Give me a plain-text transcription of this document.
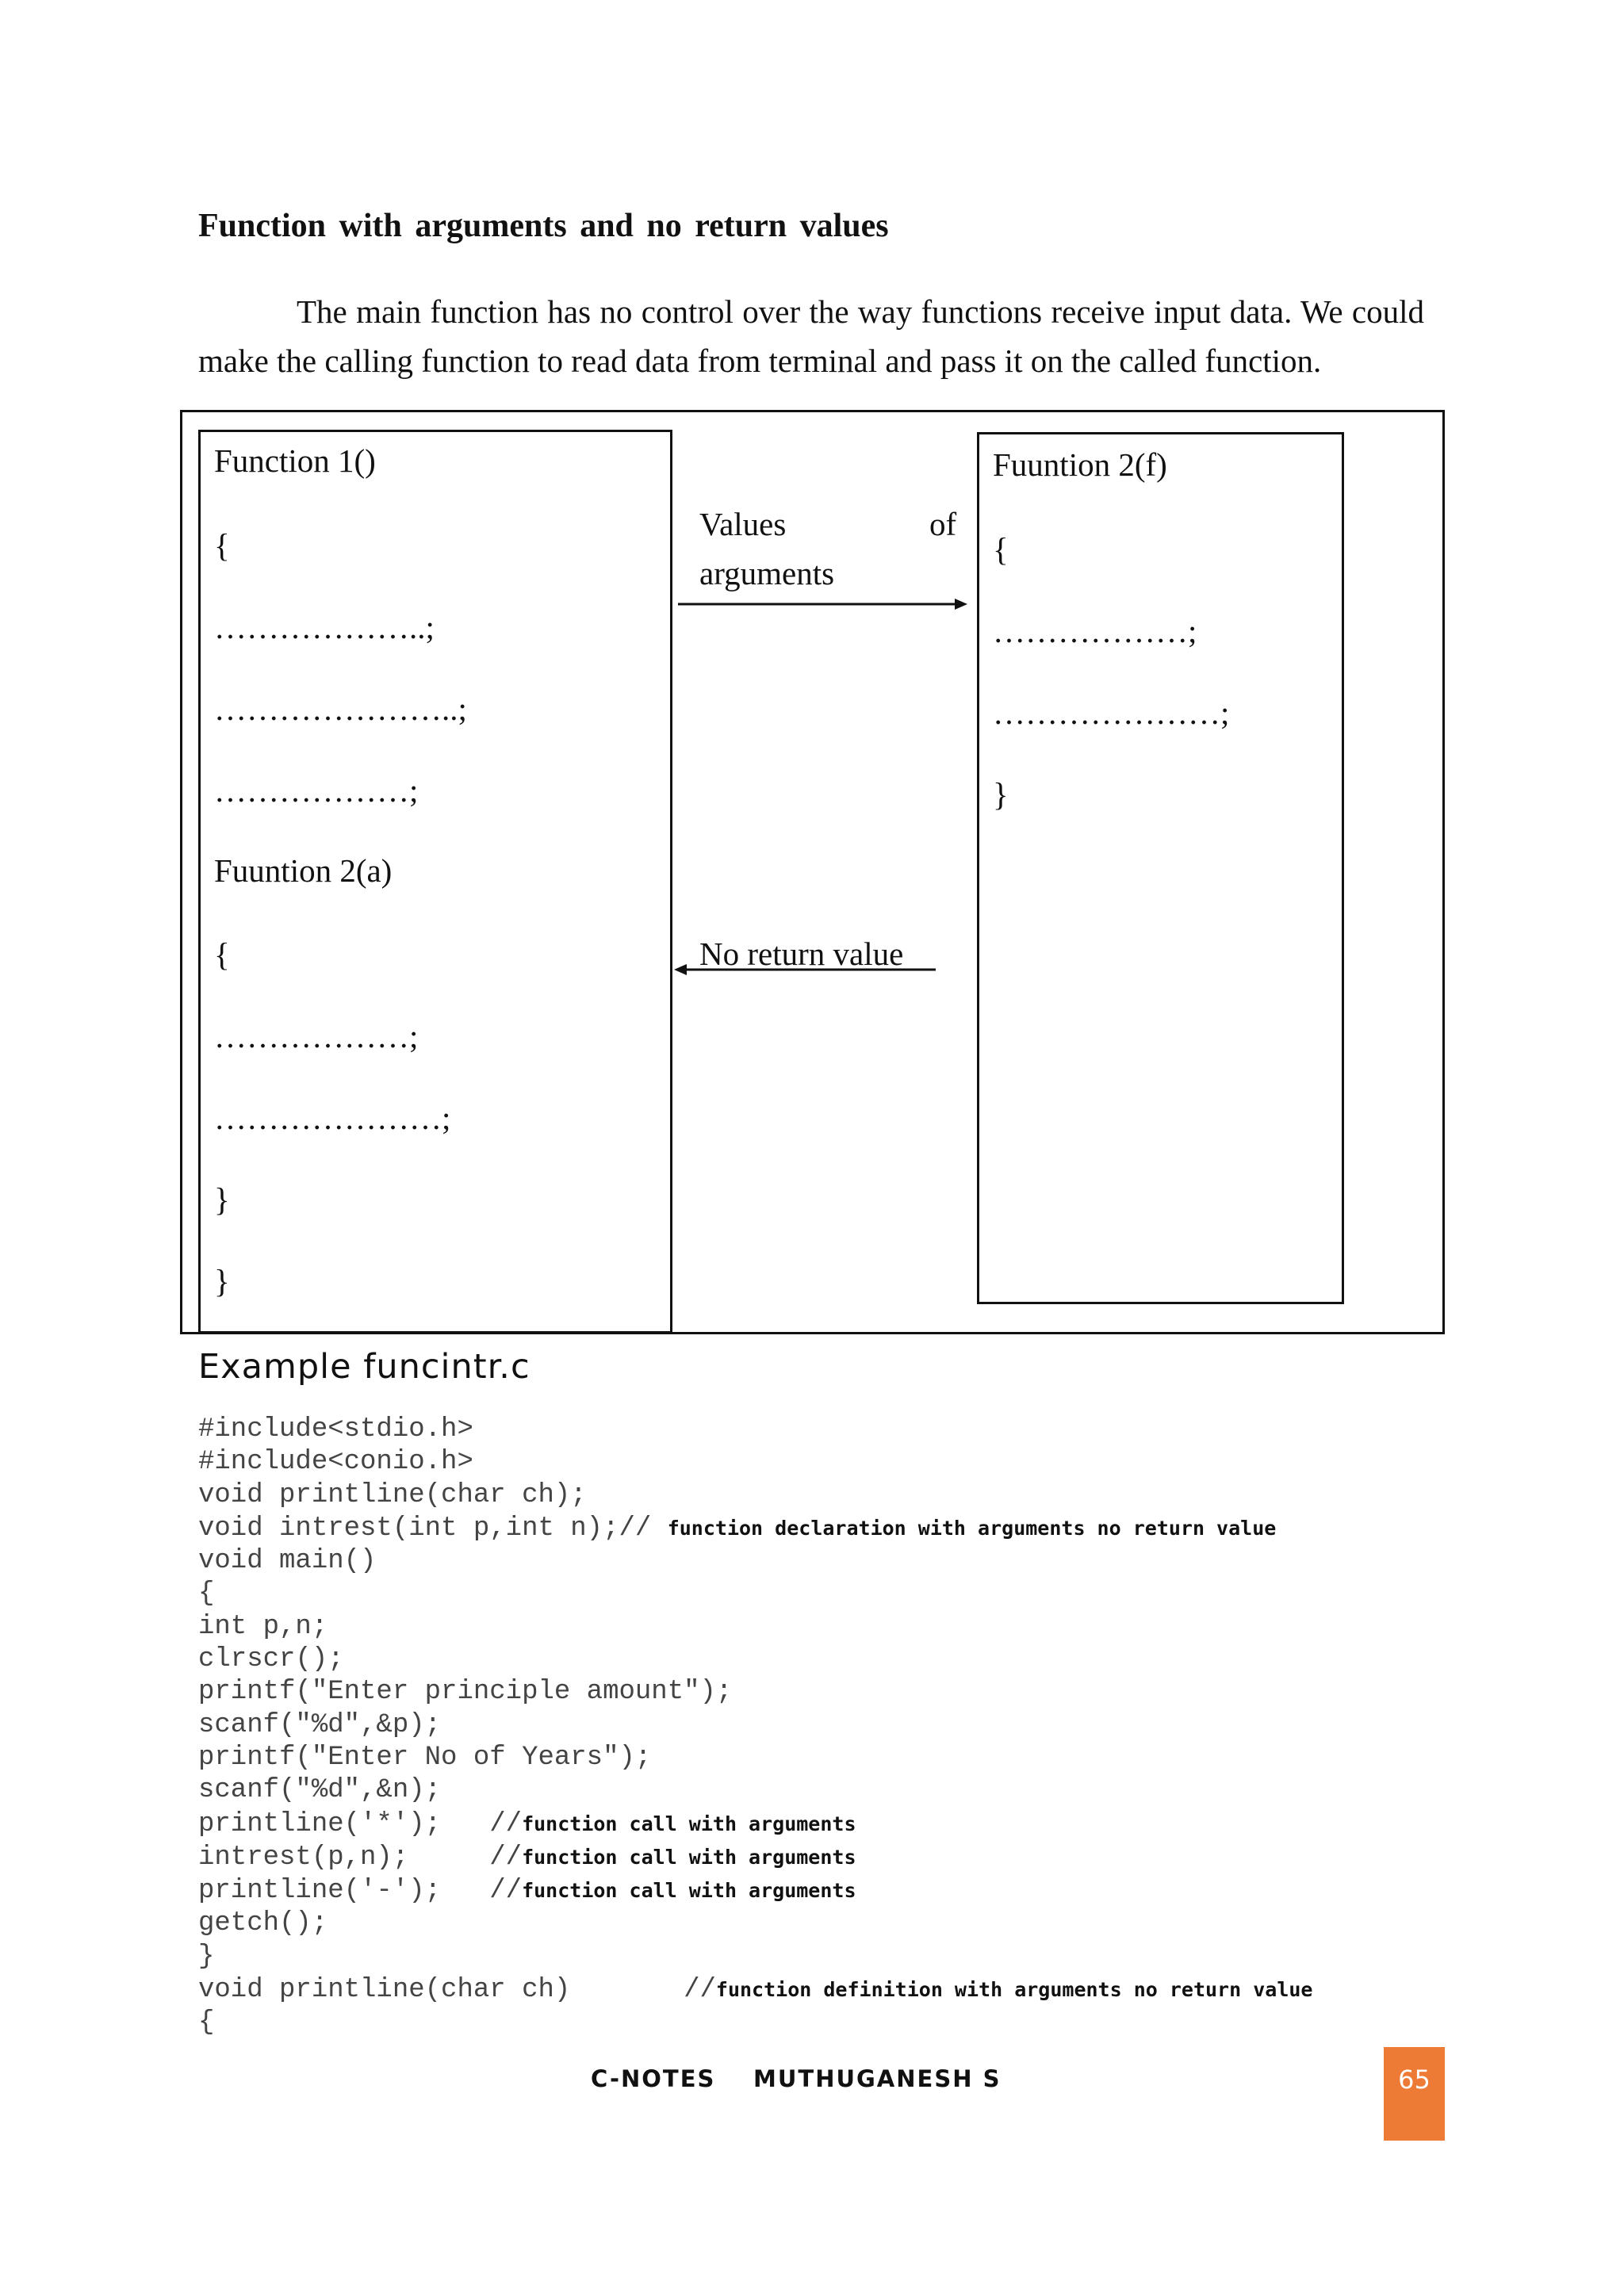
Function with arguments and no return values
The main function has no control over the way functions receive input data. We could make the calling function to read data from terminal and pass it on the called function.
Function 1()
{
………………..;
…………………..;
………………;
Fuuntion 2(a)
{
………………;
…………………;
}
}
Fuuntion 2(f)
{
………………;
…………………;
}
Values	of
arguments
No return value
Example funcintr.c
#include<stdio.h>
#include<conio.h>
void printline(char ch);
void intrest(int p,int n);// function declaration with arguments no return value
void main()
{
int p,n;
clrscr();
printf("Enter principle amount");
scanf("%d",&p);
printf("Enter No of Years");
scanf("%d",&n);
printline('*');   //function call with arguments
intrest(p,n);     //function call with arguments
printline('-');   //function call with arguments
getch();
}
void printline(char ch)       //function definition with arguments no return value
{
C-NOTES MUTHUGANESH S	65
